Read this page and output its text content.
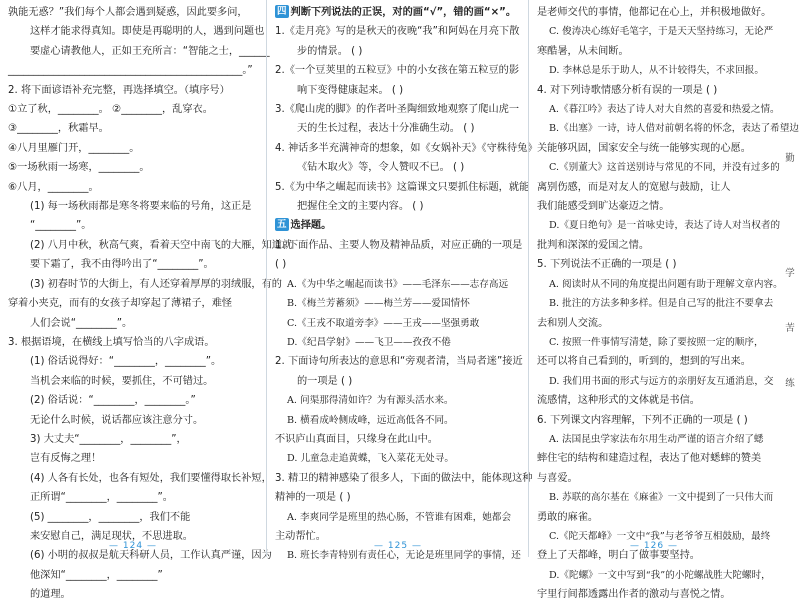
孰能无惑？”我们每个人都会遇到疑惑，因此要多问，
这样才能求得真知。即使是再聪明的人，遇到问题也
要虚心请教他人，正如王充所言：“智能之士，______
______________________________________________。”
2. 将下面谚语补充完整，再选择填空。（填序号）
①立了秋，________。 ②________，乱穿衣。
③________，秋霜早。
④八月里雁门开，________。
⑤一场秋雨一场寒，________。
⑥八月，________。
(1) 每一场秋雨都是寒冬将要来临的号角，这正是
“________”。
(2) 八月中秋，秋高气爽，看着天空中南飞的大雁，知道就
要下霜了，我不由得吟出了“________”。
(3) 初春时节的大街上，有人还穿着厚厚的羽绒服，有的
穿着小夹克，而有的女孩子却穿起了薄裙子，难怪
人们会说“________”。
3. 根据语境，在横线上填写恰当的八字成语。
(1) 俗话说得好：“________，________”。
当机会来临的时候，要抓住，不可错过。
(2) 俗话说：“________，________。”
无论什么时候，说话都应该注意分寸。
3) 大丈夫“________，________”，
岂有反悔之理！
(4) 人各有长处，也各有短处，我们要懂得取长补短，
正所谓“________，________”。
(5) ________，________，我们不能
来安慰自己，满足现状，不思进取。
(6) 小明的叔叔是航天科研人员，工作认真严谨，因为
他深知“________，________”
的道理。
— 124 —
四 判断下列说法的正误，对的画“√”，错的画“×”。
1.《走月亮》写的是秋天的夜晚“我”和阿妈在月亮下散
步的情景。 ( )
2.《一个豆荚里的五粒豆》中的小女孩在第五粒豆的影
响下变得健康起来。 ( )
3.《爬山虎的脚》的作者叶圣陶细致地观察了爬山虎一
天的生长过程，表达十分准确生动。 ( )
4. 神话多半充满神奇的想象，如《女娲补天》《守株待兔》
《钻木取火》等，令人赞叹不已。 ( )
5.《为中华之崛起而读书》这篇课文只要抓住标题，就能
把握住全文的主要内容。 ( )
五 选择题。
1. 下面作品、主要人物及精神品质，对应正确的一项是
( )
A.《为中华之崛起而读书》——毛泽东——志存高远
B.《梅兰芳蓄须》——梅兰芳——爱国情怀
C.《王戎不取道旁李》——王戎——坚强勇敢
D.《纪昌学射》——飞卫——孜孜不倦
2. 下面诗句所表达的意思和“旁观者清，当局者迷”接近
的一项是 ( )
A. 问渠那得清如许？为有源头活水来。
B. 横看成岭侧成峰，远近高低各不同。
不识庐山真面目，只缘身在此山中。
D. 儿童急走追黄蝶，飞入菜花无处寻。
3. 精卫的精神感染了很多人，下面的做法中，能体现这种
精神的一项是 ( )
A. 李爽同学是班里的热心肠，不管谁有困难，她都会
主动帮忙。
B. 班长李青特别有责任心，无论是班里同学的事情，还
— 125 —
是老师交代的事情，他都记在心上，并积极地做好。
C. 俊涛决心练好毛笔字，于是天天坚持练习，无论严
寒酷暑，从未间断。
D. 李林总是乐于助人，从不计较得失，不求回报。
4. 对下列诗歌情感分析有误的一项是 ( )
A.《暮江吟》表达了诗人对大自然的喜爱和热爱之情。
B.《出塞》一诗，诗人借对前朝名将的怀念，表达了希望边
关能够巩固，国家安全与统一能够实现的心愿。
C.《别董大》这首送别诗与常见的不同，并没有过多的
离别伤感，而是对友人的宽慰与鼓励，让人
我们能感受到旷达豪迈之情。
D.《夏日绝句》是一首咏史诗，表达了诗人对当权者的
批判和深深的爱国之情。
5. 下列说法不正确的一项是 ( )
A. 阅读时从不同的角度提出问题有助于理解文章内容。
B. 批注的方法多种多样。但是自己写的批注不要拿去
去和别人交流。
C. 按照一件事情写清楚，除了要按照一定的顺序，
还可以将自己看到的，听到的，想到的写出来。
D. 我们用书面的形式与远方的亲朋好友互通消息，交
流感情，这种形式的文体就是书信。
6. 下列课文内容理解，下列不正确的一项是 ( )
A. 法国昆虫学家法布尔用生动严谨的语言介绍了蟋
蟀住宅的结构和建造过程，表达了他对蟋蟀的赞美
与喜爱。
B. 苏联的高尔基在《麻雀》一文中提到了一只伟大而
勇敢的麻雀。
C.《陀天都峰》一文中“我”与老爷爷互相鼓励，最终
登上了天都峰，明白了做事要坚持。
D.《陀螺》一文中写到“我”的小陀螺战胜大陀螺时，
宇里行间都透露出作者的激动与喜悦之情。
勤
学
苦
练
— 126 —
